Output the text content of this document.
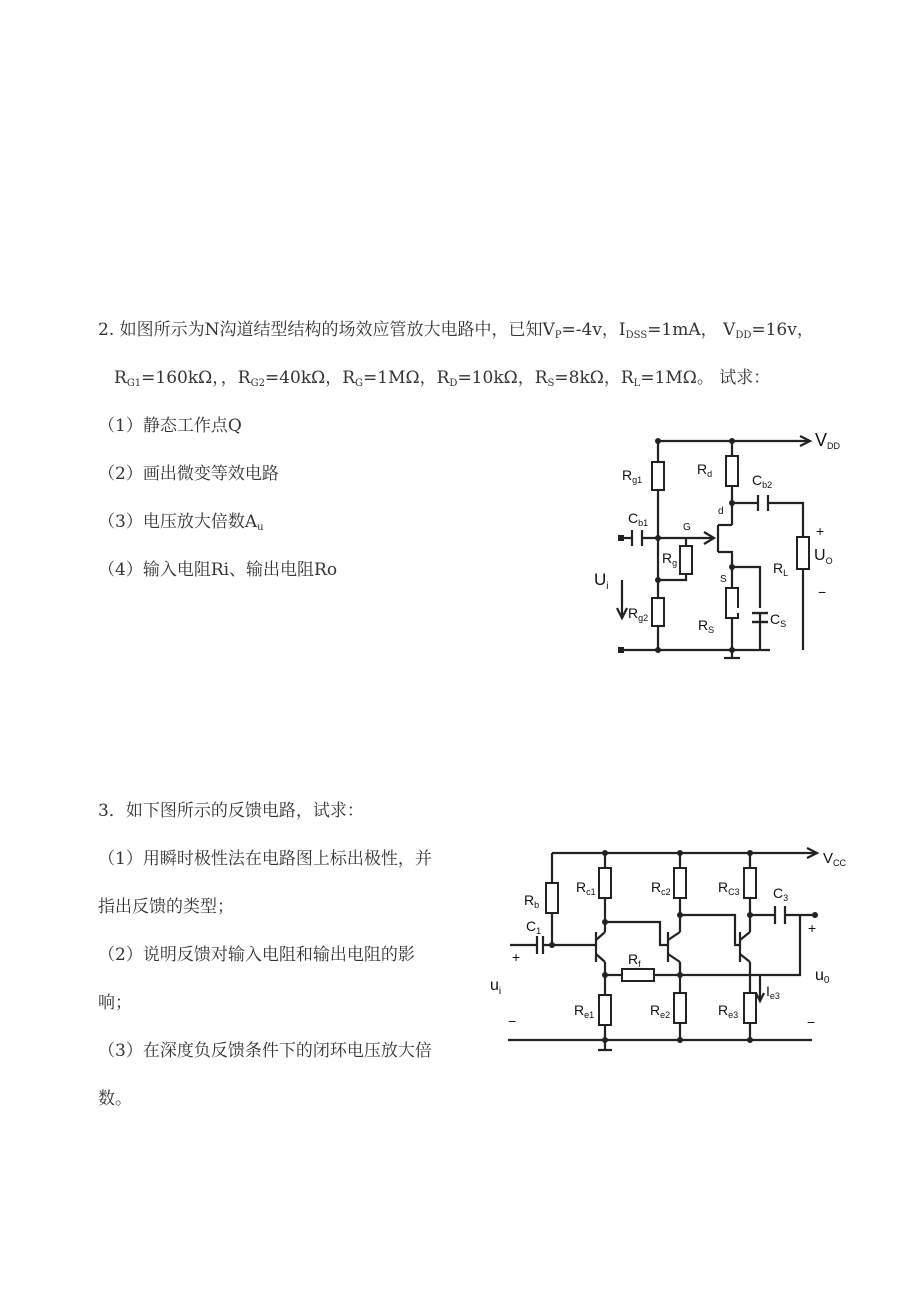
2. 如图所示为N沟道结型结构的场效应管放大电路中，已知$V_P=-4v$，$I_{DSS}=1mA$， $V_{DD}=16v$，
$R_{G1}=160k\Omega$，，$R_{G2}=40k\Omega$，$R_G=1M\Omega$，$R_D=10k\Omega$，$R_S=8k\Omega$，$R_L=1M\Omega$。 试求：
（1）静态工作点Q
（2）画出微变等效电路
（3）电压放大倍数$A_u$
（4）输入电阻Ri、输出电阻Ro
VDD
$R_{g1}$
$R_d$	$C_{b2}$
$C_{b1}$
d
G
S
$R_g$
$U_i$
$R_{g2}$	$R_S$
$C_S$
$R_L$
$U_O$
+
−
3．如下图所示的反馈电路，试求：
（1）用瞬时极性法在电路图上标出极性，并
指出反馈的类型；
（2）说明反馈对输入电阻和输出电阻的影
响；
（3）在深度负反馈条件下的闭环电压放大倍
数。
$V_{CC}$
$R_b$
$R_{c1}$	$R_{c2}$	$R_{C3}$ $C_3$
$C_1$
$R_f$
$u_i$
+
−
$R_{e1}$	$R_{e2}$	$R_{e3}$
$I_{e3}$
u0
+
−
